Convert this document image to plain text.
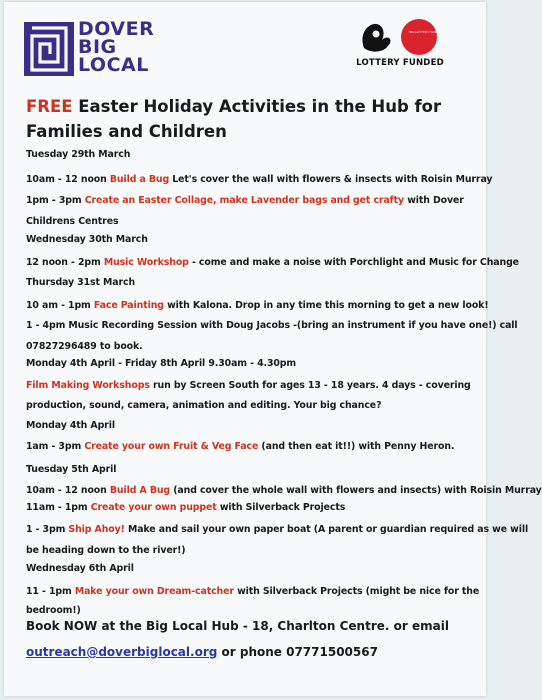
DOVER
BIG
LOCAL
BIG LOTTERY FUND
LOTTERY FUNDED
FREE Easter Holiday Activities in the Hub for
Families and Children
Tuesday 29th March
10am - 12 noon Build a Bug Let's cover the wall with flowers & insects with Roisin Murray
1pm - 3pm Create an Easter Collage, make Lavender bags and get crafty with Dover
Childrens Centres
Wednesday 30th March
12 noon - 2pm Music Workshop - come and make a noise with Porchlight and Music for Change
Thursday 31st March
10 am - 1pm Face Painting with Kalona. Drop in any time this morning to get a new look!
1 - 4pm Music Recording Session with Doug Jacobs -(bring an instrument if you have one!) call
07827296489 to book.
Monday 4th April - Friday 8th April 9.30am - 4.30pm
Film Making Workshops run by Screen South for ages 13 - 18 years. 4 days - covering
production, sound, camera, animation and editing. Your big chance?
Monday 4th April
1am - 3pm Create your own Fruit & Veg Face (and then eat it!!) with Penny Heron.
Tuesday 5th April
10am - 12 noon Build A Bug (and cover the whole wall with flowers and insects) with Roisin Murray
11am - 1pm Create your own puppet with Silverback Projects
1 - 3pm Ship Ahoy! Make and sail your own paper boat (A parent or guardian required as we will
be heading down to the river!)
Wednesday 6th April
11 - 1pm Make your own Dream-catcher with Silverback Projects (might be nice for the
bedroom!)
Book NOW at the Big Local Hub - 18, Charlton Centre. or email
outreach@doverbiglocal.org or phone 07771500567
